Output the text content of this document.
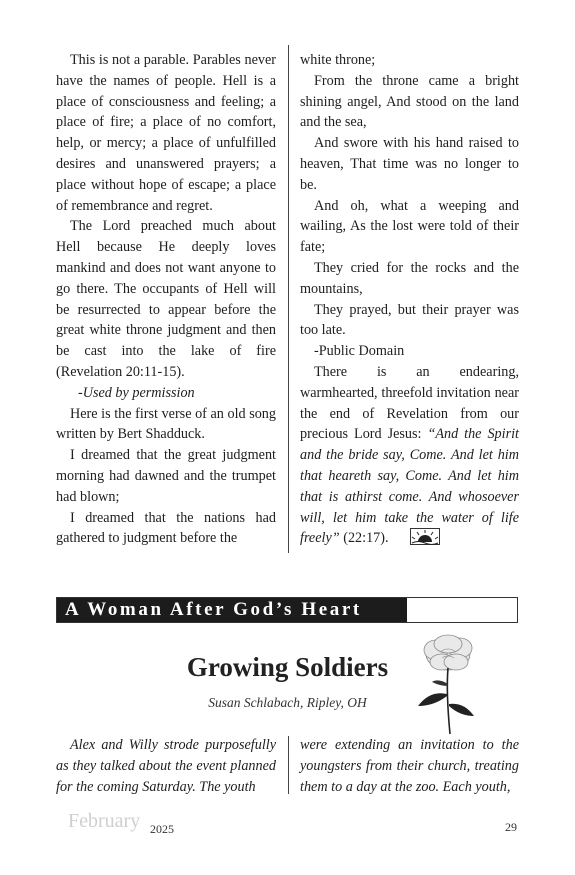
This is not a parable. Parables never have the names of people. Hell is a place of consciousness and feeling; a place of fire; a place of no comfort, help, or mercy; a place of unfulfilled desires and unanswered prayers; a place without hope of escape; a place of remembrance and regret.

The Lord preached much about Hell because He deeply loves mankind and does not want anyone to go there. The occupants of Hell will be resurrected to appear before the great white throne judgment and then be cast into the lake of fire (Revelation 20:11-15).

-Used by permission

Here is the first verse of an old song written by Bert Shadduck.

I dreamed that the great judgment morning had dawned and the trumpet had blown;

I dreamed that the nations had gathered to judgment before the

white throne;

From the throne came a bright shining angel, And stood on the land and the sea,

And swore with his hand raised to heaven, That time was no longer to be.

And oh, what a weeping and wailing, As the lost were told of their fate;

They cried for the rocks and the mountains,

They prayed, but their prayer was too late.

-Public Domain

There is an endearing, warmhearted, threefold invitation near the end of Revelation from our precious Lord Jesus: “And the Spirit and the bride say, Come. And let him that heareth say, Come. And let him that is athirst come. And whosoever will, let him take the water of life freely” (22:17).

A Woman After God’s Heart
Growing Soldiers
Susan Schlabach, Ripley, OH

Alex and Willy strode purposefully as they talked about the event planned for the coming Saturday. The youth

were extending an invitation to the youngsters from their church, treating them to a day at the zoo. Each youth,

February 2025	29
